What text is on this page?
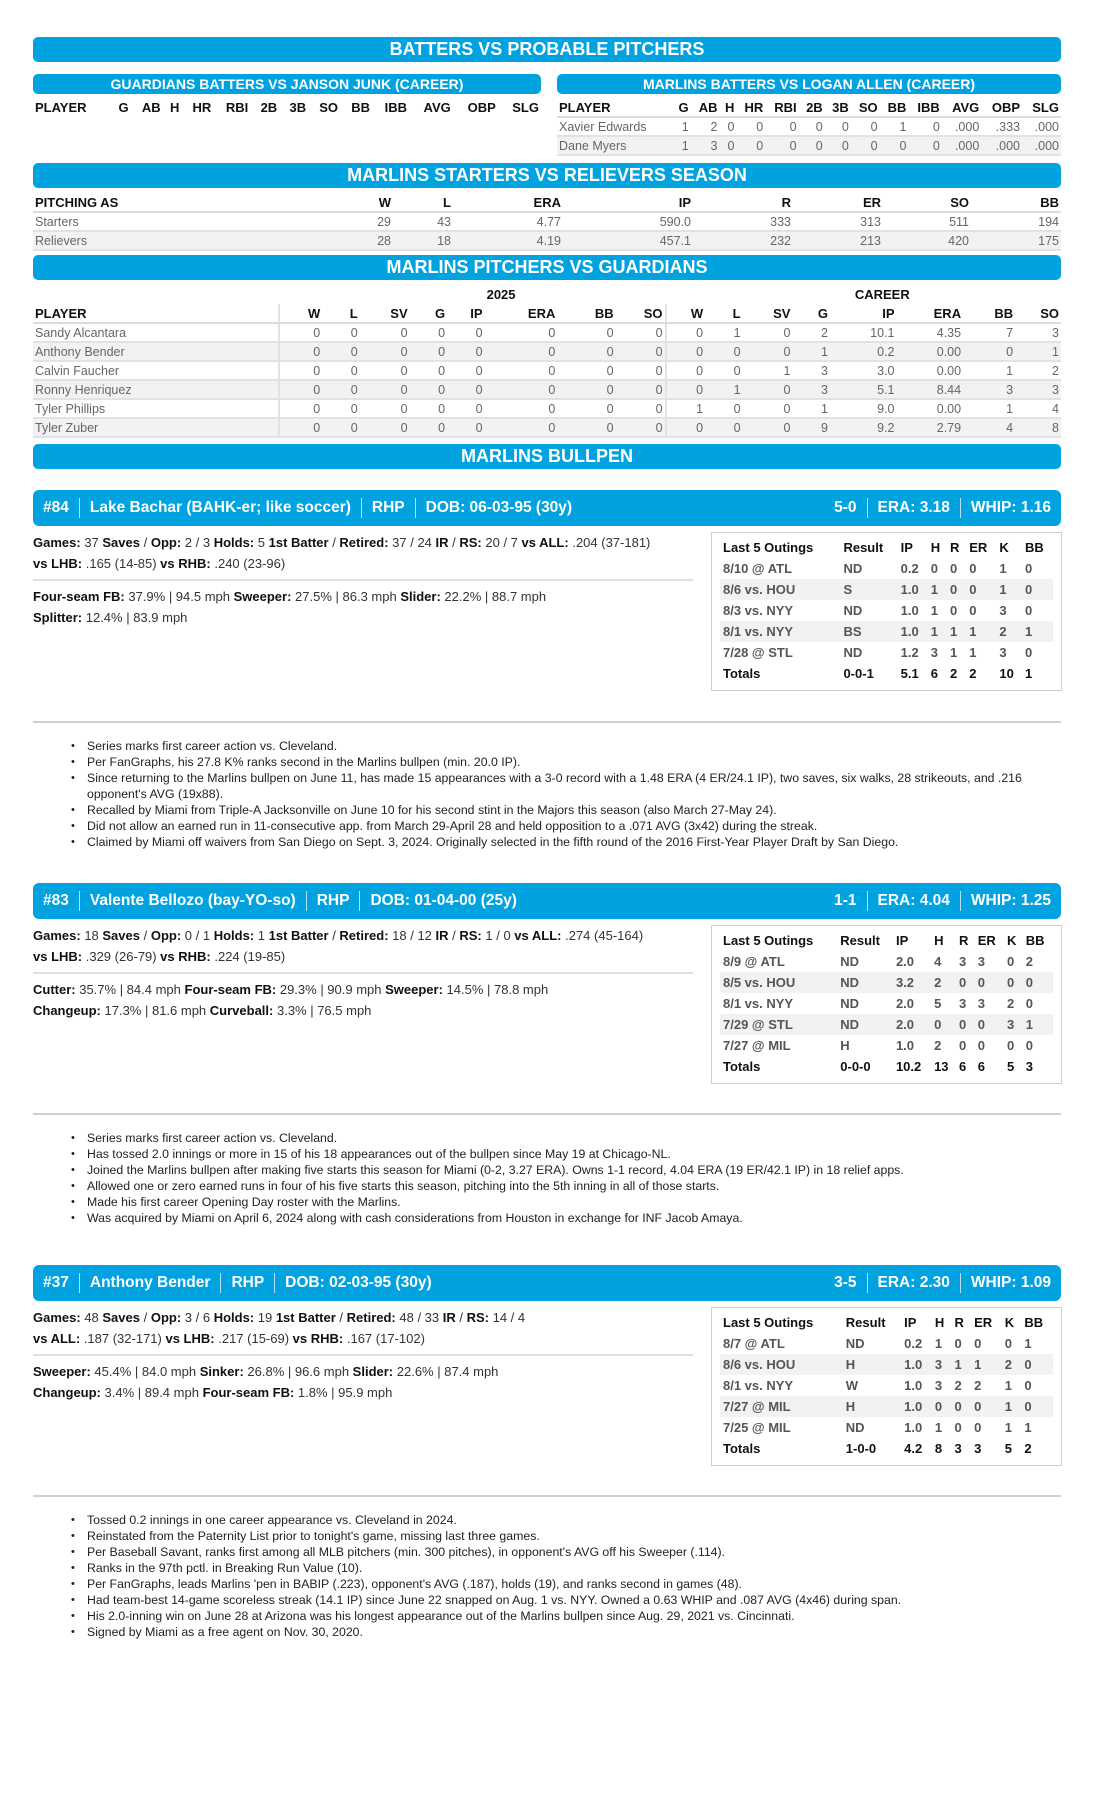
BATTERS VS PROBABLE PITCHERS
GUARDIANS BATTERS VS JANSON JUNK (CAREER)
PLAYER	G	AB	H	HR	RBI	2B	3B	SO	BB	IBB	AVG	OBP	SLG
MARLINS BATTERS VS LOGAN ALLEN (CAREER)
PLAYER	G	AB	H	HR	RBI	2B	3B	SO	BB	IBB	AVG	OBP	SLG
Xavier Edwards	1	2	0	0	0	0	0	0	1	0	.000	.333	.000
Dane Myers	1	3	0	0	0	0	0	0	0	0	.000	.000	.000
MARLINS STARTERS VS RELIEVERS SEASON
PITCHING AS	W	L	ERA	IP	R	ER	SO	BB
Starters	29	43	4.77	590.0	333	313	511	194
Relievers	28	18	4.19	457.1	232	213	420	175
MARLINS PITCHERS VS GUARDIANS
	2025								CAREER							
PLAYER	W	L	SV	G	IP	ERA	BB	SO	W	L	SV	G	IP	ERA	BB	SO
Sandy Alcantara	0	0	0	0	0	0	0	0	0	1	0	2	10.1	4.35	7	3
Anthony Bender	0	0	0	0	0	0	0	0	0	0	0	1	0.2	0.00	0	1
Calvin Faucher	0	0	0	0	0	0	0	0	0	0	1	3	3.0	0.00	1	2
Ronny Henriquez	0	0	0	0	0	0	0	0	0	1	0	3	5.1	8.44	3	3
Tyler Phillips	0	0	0	0	0	0	0	0	1	0	0	1	9.0	0.00	1	4
Tyler Zuber	0	0	0	0	0	0	0	0	0	0	0	9	9.2	2.79	4	8
MARLINS BULLPEN
#84 Lake Bachar (BAHK-er; like soccer) RHP DOB: 06-03-95 (30y)	5-0 ERA: 3.18 WHIP: 1.16
Games: 37 Saves / Opp: 2 / 3 Holds: 5 1st Batter / Retired: 37 / 24 IR / RS: 20 / 7 vs ALL: .204 (37-181)
vs LHB: .165 (14-85) vs RHB: .240 (23-96)
Four-seam FB: 37.9% | 94.5 mph Sweeper: 27.5% | 86.3 mph Slider: 22.2% | 88.7 mph
Splitter: 12.4% | 83.9 mph
Last 5 Outings	Result	IP	H	R	ER	K	BB
8/10 @ ATL	ND	0.2	0	0	0	1	0
8/6 vs. HOU	S	1.0	1	0	0	1	0
8/3 vs. NYY	ND	1.0	1	0	0	3	0
8/1 vs. NYY	BS	1.0	1	1	1	2	1
7/28 @ STL	ND	1.2	3	1	1	3	0
Totals	0-0-1	5.1	6	2	2	10	1
• Series marks first career action vs. Cleveland.
• Per FanGraphs, his 27.8 K% ranks second in the Marlins bullpen (min. 20.0 IP).
• Since returning to the Marlins bullpen on June 11, has made 15 appearances with a 3-0 record with a 1.48 ERA (4 ER/24.1 IP), two saves, six walks, 28 strikeouts, and .216 opponent's AVG (19x88).
• Recalled by Miami from Triple-A Jacksonville on June 10 for his second stint in the Majors this season (also March 27-May 24).
• Did not allow an earned run in 11-consecutive app. from March 29-April 28 and held opposition to a .071 AVG (3x42) during the streak.
• Claimed by Miami off waivers from San Diego on Sept. 3, 2024. Originally selected in the fifth round of the 2016 First-Year Player Draft by San Diego.
#83 Valente Bellozo (bay-YO-so) RHP DOB: 01-04-00 (25y)	1-1 ERA: 4.04 WHIP: 1.25
Games: 18 Saves / Opp: 0 / 1 Holds: 1 1st Batter / Retired: 18 / 12 IR / RS: 1 / 0 vs ALL: .274 (45-164)
vs LHB: .329 (26-79) vs RHB: .224 (19-85)
Cutter: 35.7% | 84.4 mph Four-seam FB: 29.3% | 90.9 mph Sweeper: 14.5% | 78.8 mph
Changeup: 17.3% | 81.6 mph Curveball: 3.3% | 76.5 mph
Last 5 Outings	Result	IP	H	R	ER	K	BB
8/9 @ ATL	ND	2.0	4	3	3	0	2
8/5 vs. HOU	ND	3.2	2	0	0	0	0
8/1 vs. NYY	ND	2.0	5	3	3	2	0
7/29 @ STL	ND	2.0	0	0	0	3	1
7/27 @ MIL	H	1.0	2	0	0	0	0
Totals	0-0-0	10.2	13	6	6	5	3
• Series marks first career action vs. Cleveland.
• Has tossed 2.0 innings or more in 15 of his 18 appearances out of the bullpen since May 19 at Chicago-NL.
• Joined the Marlins bullpen after making five starts this season for Miami (0-2, 3.27 ERA). Owns 1-1 record, 4.04 ERA (19 ER/42.1 IP) in 18 relief apps.
• Allowed one or zero earned runs in four of his five starts this season, pitching into the 5th inning in all of those starts.
• Made his first career Opening Day roster with the Marlins.
• Was acquired by Miami on April 6, 2024 along with cash considerations from Houston in exchange for INF Jacob Amaya.
#37 Anthony Bender RHP DOB: 02-03-95 (30y)	3-5 ERA: 2.30 WHIP: 1.09
Games: 48 Saves / Opp: 3 / 6 Holds: 19 1st Batter / Retired: 48 / 33 IR / RS: 14 / 4
vs ALL: .187 (32-171) vs LHB: .217 (15-69) vs RHB: .167 (17-102)
Sweeper: 45.4% | 84.0 mph Sinker: 26.8% | 96.6 mph Slider: 22.6% | 87.4 mph
Changeup: 3.4% | 89.4 mph Four-seam FB: 1.8% | 95.9 mph
Last 5 Outings	Result	IP	H	R	ER	K	BB
8/7 @ ATL	ND	0.2	1	0	0	0	1
8/6 vs. HOU	H	1.0	3	1	1	2	0
8/1 vs. NYY	W	1.0	3	2	2	1	0
7/27 @ MIL	H	1.0	0	0	0	1	0
7/25 @ MIL	ND	1.0	1	0	0	1	1
Totals	1-0-0	4.2	8	3	3	5	2
• Tossed 0.2 innings in one career appearance vs. Cleveland in 2024.
• Reinstated from the Paternity List prior to tonight's game, missing last three games.
• Per Baseball Savant, ranks first among all MLB pitchers (min. 300 pitches), in opponent's AVG off his Sweeper (.114).
• Ranks in the 97th pctl. in Breaking Run Value (10).
• Per FanGraphs, leads Marlins 'pen in BABIP (.223), opponent's AVG (.187), holds (19), and ranks second in games (48).
• Had team-best 14-game scoreless streak (14.1 IP) since June 22 snapped on Aug. 1 vs. NYY. Owned a 0.63 WHIP and .087 AVG (4x46) during span.
• His 2.0-inning win on June 28 at Arizona was his longest appearance out of the Marlins bullpen since Aug. 29, 2021 vs. Cincinnati.
• Signed by Miami as a free agent on Nov. 30, 2020.
